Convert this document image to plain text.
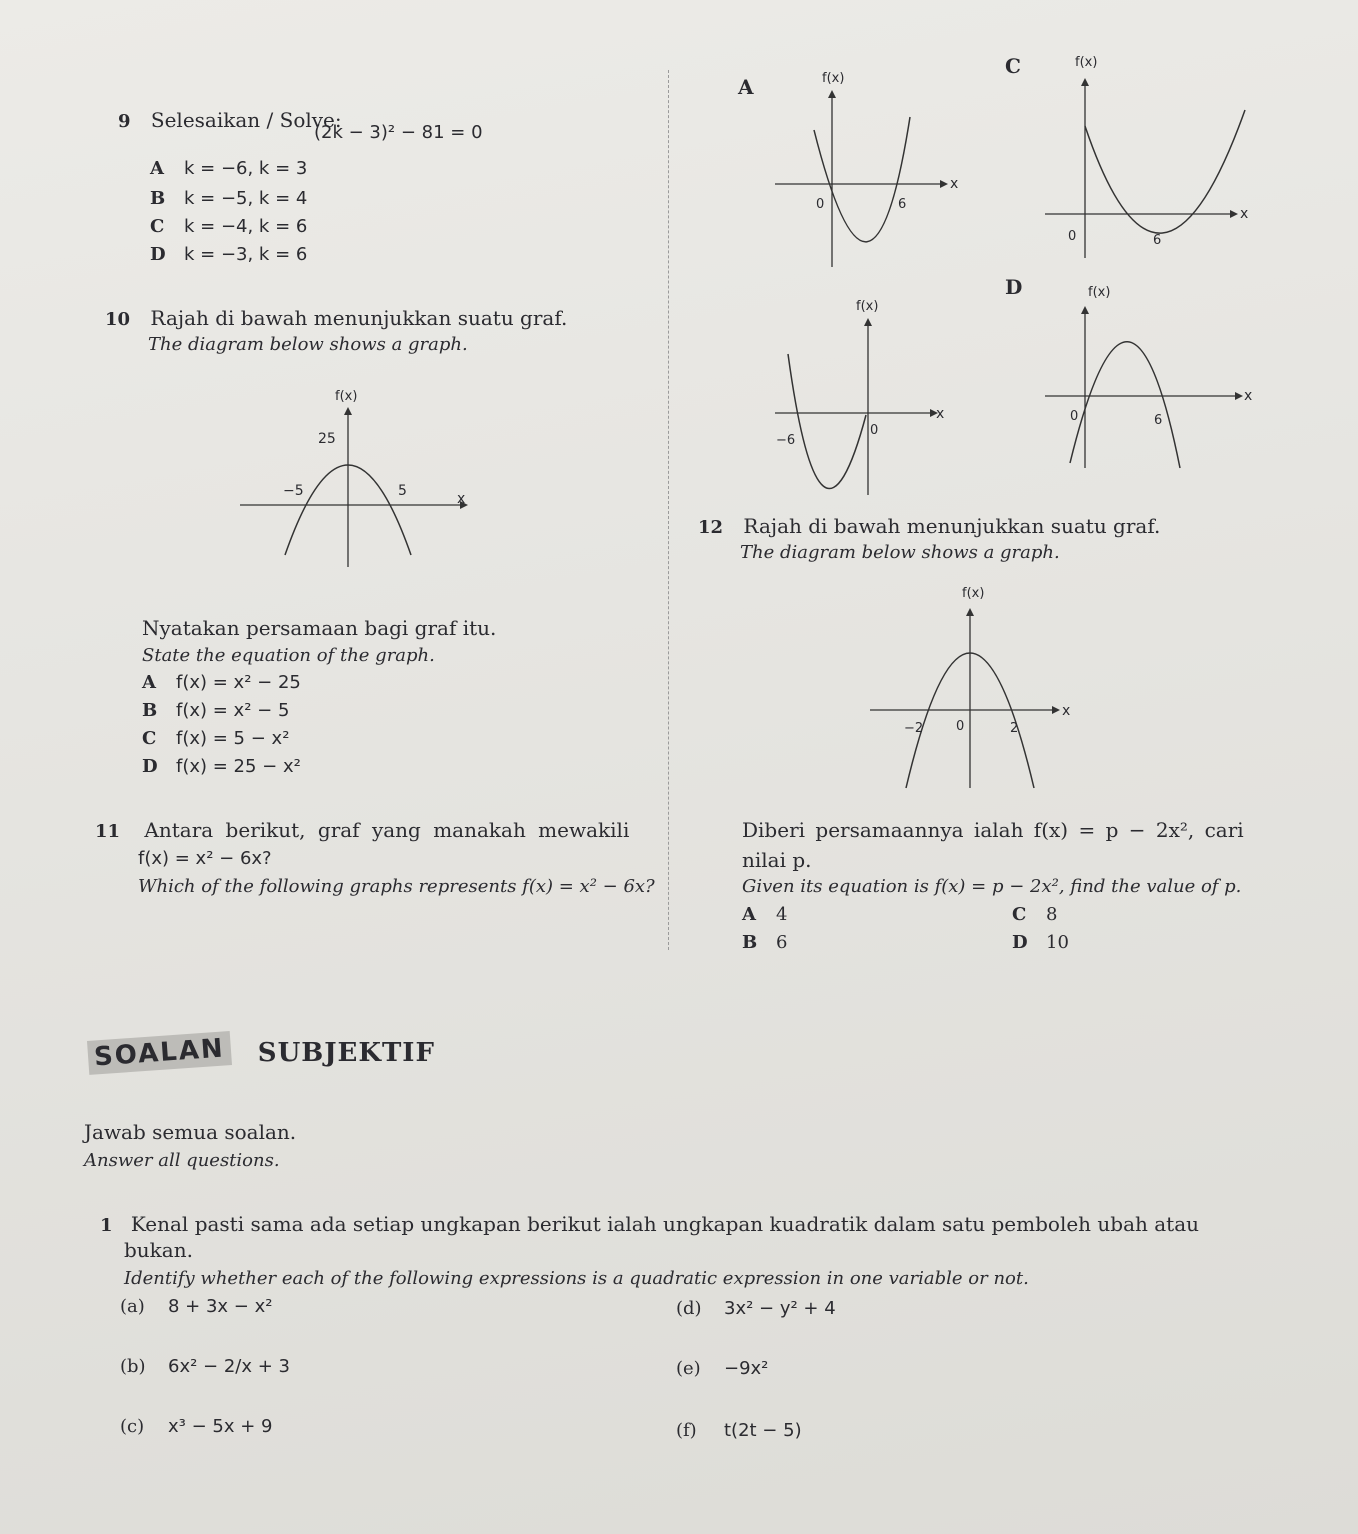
9 Selesaikan / Solve:
(2k − 3)² − 81 = 0
A k = −6, k = 3
B k = −5, k = 4
C k = −4, k = 6
D k = −3, k = 6
10 Rajah di bawah menunjukkan suatu graf.
The diagram below shows a graph.
f(x)
x
25
−5	5
Nyatakan persamaan bagi graf itu.
State the equation of the graph.
A f(x) = x² − 25
B f(x) = x² − 5
C f(x) = 5 − x²
D f(x) = 25 − x²
11 Antara berikut, graf yang manakah mewakili
f(x) = x² − 6x?
Which of the following graphs represents f(x) = x² − 6x?
A	f(x)
x
0	6
C	f(x)
x
0	6
f(x)
x
0
−6
D	f(x)
x
0	6
12 Rajah di bawah menunjukkan suatu graf.
The diagram below shows a graph.
f(x)
x
0
−2	2
Diberi persamaannya ialah f(x) = p − 2x², cari
nilai p.
Given its equation is f(x) = p − 2x², find the value of p.
A 4
B 6
C 8
D 10
SOALAN SUBJEKTIF
Jawab semua soalan.
Answer all questions.
1 Kenal pasti sama ada setiap ungkapan berikut ialah ungkapan kuadratik dalam satu pemboleh ubah atau
bukan.
Identify whether each of the following expressions is a quadratic expression in one variable or not.
(a) 8 + 3x − x²
(b) 6x² − 2/x + 3
(c) x³ − 5x + 9
(d) 3x² − y² + 4
(e) −9x²
(f) t(2t − 5)
